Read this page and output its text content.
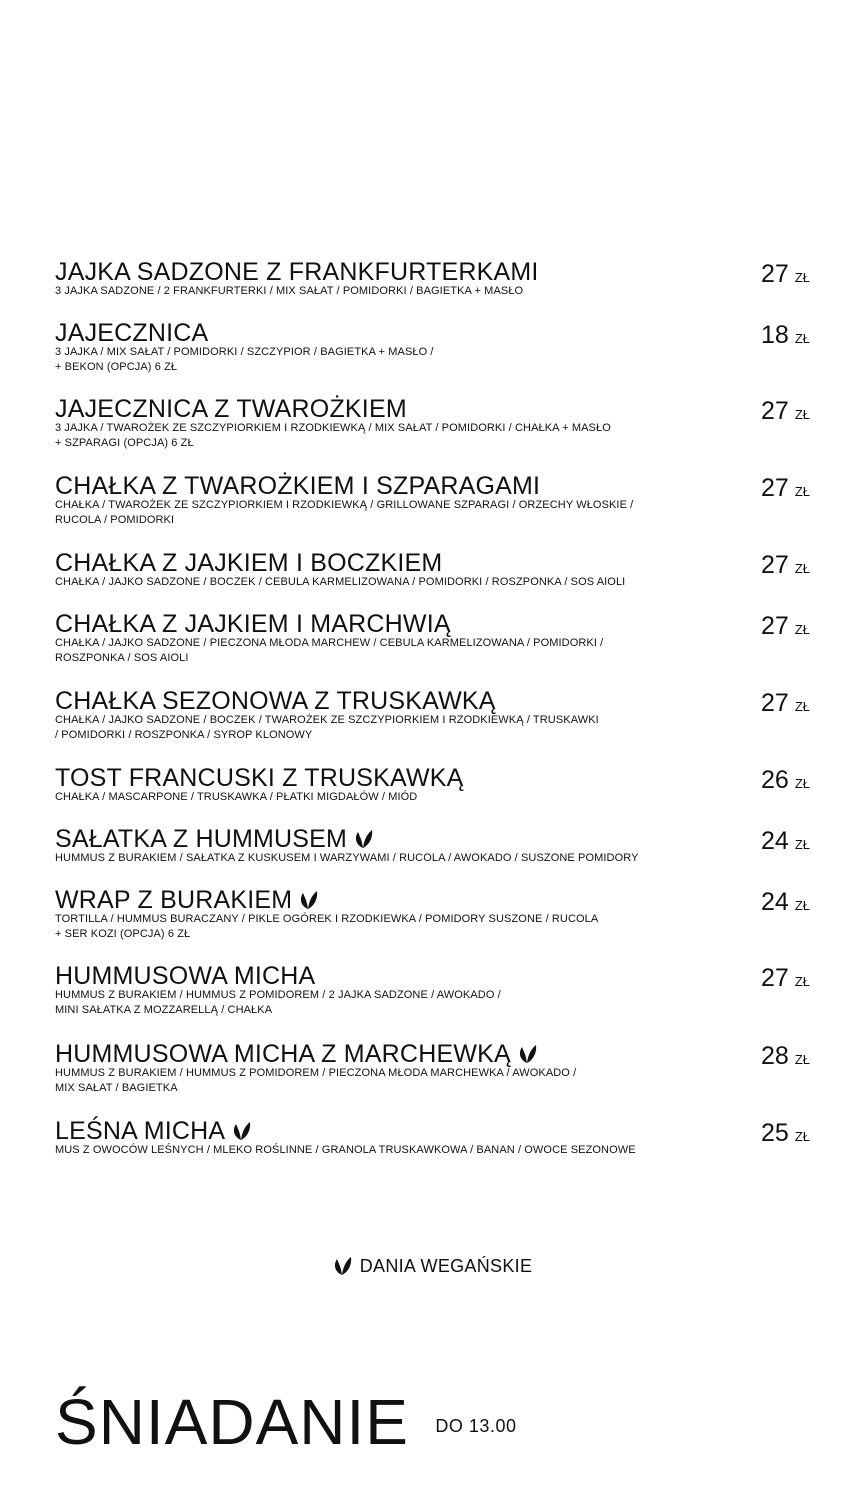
JAJKA SADZONE Z FRANKFURTERKAMI
3 JAJKA SADZONE / 2 FRANKFURTERKI / MIX SAŁAT / POMIDORKI / BAGIETKA + MASŁO
27 ZŁ
JAJECZNICA
3 JAJKA / MIX SAŁAT / POMIDORKI / SZCZYPIOR / BAGIETKA + MASŁO /
+ BEKON (OPCJA) 6 ZŁ
18 ZŁ
JAJECZNICA Z TWAROŻKIEM
3 JAJKA / TWAROŻEK ZE SZCZYPIORKIEM I RZODKIEWKĄ / MIX SAŁAT / POMIDORKI / CHAŁKA + MASŁO
+ SZPARAGI (OPCJA) 6 ZŁ
27 ZŁ
CHAŁKA Z TWAROŻKIEM I SZPARAGAMI
CHAŁKA / TWAROŻEK ZE SZCZYPIORKIEM I RZODKIEWKĄ / GRILLOWANE SZPARAGI / ORZECHY WŁOSKIE /
RUCOLA / POMIDORKI
27 ZŁ
CHAŁKA Z JAJKIEM I BOCZKIEM
CHAŁKA / JAJKO SADZONE / BOCZEK / CEBULA KARMELIZOWANA / POMIDORKI / ROSZPONKA / SOS AIOLI
27 ZŁ
CHAŁKA Z JAJKIEM I MARCHWIĄ
CHAŁKA / JAJKO SADZONE / PIECZONA MŁODA MARCHEW / CEBULA KARMELIZOWANA / POMIDORKI /
ROSZPONKA / SOS AIOLI
27 ZŁ
CHAŁKA SEZONOWA Z TRUSKAWKĄ
CHAŁKA / JAJKO SADZONE / BOCZEK / TWAROŻEK ZE SZCZYPIORKIEM I RZODKIEWKĄ / TRUSKAWKI
/ POMIDORKI / ROSZPONKA / SYROP KLONOWY
27 ZŁ
TOST FRANCUSKI Z TRUSKAWKĄ
CHAŁKA / MASCARPONE / TRUSKAWKA / PŁATKI MIGDAŁÓW / MIÓD
26 ZŁ
SAŁATKA Z HUMMUSEM
HUMMUS Z BURAKIEM / SAŁATKA Z KUSKUSEM I WARZYWAMI / RUCOLA / AWOKADO / SUSZONE POMIDORY
24 ZŁ
WRAP Z BURAKIEM
TORTILLA / HUMMUS BURACZANY / PIKLE OGÓREK I RZODKIEWKA / POMIDORY SUSZONE / RUCOLA
+ SER KOZI (OPCJA) 6 ZŁ
24 ZŁ
HUMMUSOWA MICHA
HUMMUS Z BURAKIEM / HUMMUS Z POMIDOREM / 2 JAJKA SADZONE / AWOKADO /
MINI SAŁATKA Z MOZZARELLĄ / CHAŁKA
27 ZŁ
HUMMUSOWA MICHA Z MARCHEWKĄ
HUMMUS Z BURAKIEM / HUMMUS Z POMIDOREM / PIECZONA MŁODA MARCHEWKA / AWOKADO /
MIX SAŁAT / BAGIETKA
28 ZŁ
LEŚNA MICHA
MUS Z OWOCÓW LEŚNYCH / MLEKO ROŚLINNE / GRANOLA TRUSKAWKOWA / BANAN / OWOCE SEZONOWE
25 ZŁ
DANIA WEGAŃSKIE
ŚNIADANIE DO 13.00
